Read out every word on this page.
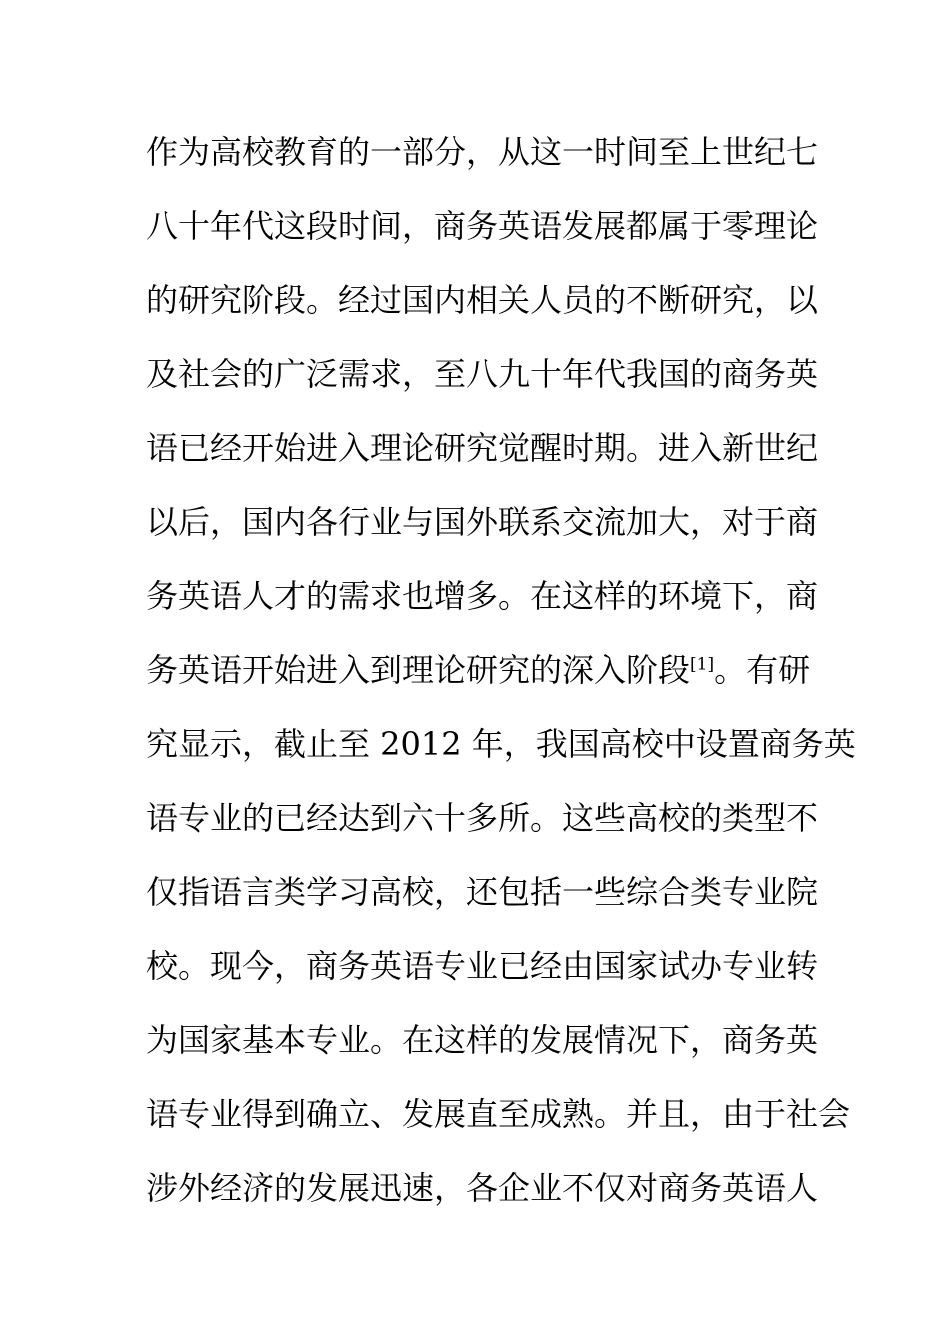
作为高校教育的一部分，从这一时间至上世纪七
八十年代这段时间，商务英语发展都属于零理论
的研究阶段。经过国内相关人员的不断研究，以
及社会的广泛需求，至八九十年代我国的商务英
语已经开始进入理论研究觉醒时期。进入新世纪
以后，国内各行业与国外联系交流加大，对于商
务英语人才的需求也增多。在这样的环境下，商
务英语开始进入到理论研究的深入阶段[1]。有研
究显示，截止至 2012 年，我国高校中设置商务英
语专业的已经达到六十多所。这些高校的类型不
仅指语言类学习高校，还包括一些综合类专业院
校。现今，商务英语专业已经由国家试办专业转
为国家基本专业。在这样的发展情况下，商务英
语专业得到确立、发展直至成熟。并且，由于社会
涉外经济的发展迅速，各企业不仅对商务英语人
